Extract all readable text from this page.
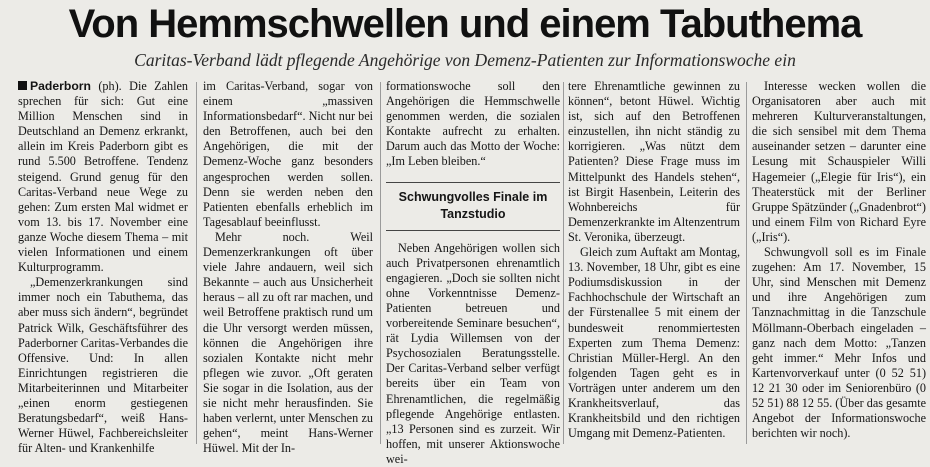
Von Hemmschwellen und einem Tabuthema
Caritas-Verband lädt pflegende Angehörige von Demenz-Patienten zur Informationswoche ein

Paderborn (ph). Die Zahlen sprechen für sich: Gut eine Million Menschen sind in Deutschland an Demenz erkrankt, allein im Kreis Paderborn gibt es rund 5.500 Betroffene. Tendenz steigend. Grund genug für den Caritas-Verband neue Wege zu gehen: Zum ersten Mal widmet er vom 13. bis 17. November eine ganze Woche diesem Thema – mit vielen Informationen und einem Kulturprogramm.

„Demenzerkrankungen sind immer noch ein Tabuthema, das aber muss sich ändern“, begründet Patrick Wilk, Geschäftsführer des Paderborner Caritas-Verbandes die Offensive. Und: In allen Einrichtungen registrieren die Mitarbeiterinnen und Mitarbeiter „einen enorm gestiegenen Beratungsbedarf“, weiß Hans-Werner Hüwel, Fachbereichsleiter für Alten- und Krankenhilfe

im Caritas-Verband, sogar von einem „massiven Informationsbedarf“. Nicht nur bei den Betroffenen, auch bei den Angehörigen, die mit der Demenz-Woche ganz besonders angesprochen werden sollen. Denn sie werden neben den Patienten ebenfalls erheblich im Tagesablauf beeinflusst.

Mehr noch. Weil Demenzerkrankungen oft über viele Jahre andauern, weil sich Bekannte – auch aus Unsicherheit heraus – all zu oft rar machen, und weil Betroffene praktisch rund um die Uhr versorgt werden müssen, können die Angehörigen ihre sozialen Kontakte nicht mehr pflegen wie zuvor. „Oft geraten Sie sogar in die Isolation, aus der sie nicht mehr herausfinden. Sie haben verlernt, unter Menschen zu gehen“, meint Hans-Werner Hüwel. Mit der In-

formationswoche soll den Angehörigen die Hemmschwelle genommen werden, die sozialen Kontakte aufrecht zu erhalten. Darum auch das Motto der Woche: „Im Leben bleiben.“

Schwungvolles Finale im Tanzstudio

Neben Angehörigen wollen sich auch Privatpersonen ehrenamtlich engagieren. „Doch sie sollten nicht ohne Vorkenntnisse Demenz-Patienten betreuen und vorbereitende Seminare besuchen“, rät Lydia Willemsen von der Psychosozialen Beratungsstelle. Der Caritas-Verband selber verfügt bereits über ein Team von Ehrenamtlichen, die regelmäßig pflegende Angehörige entlasten. „13 Personen sind es zurzeit. Wir hoffen, mit unserer Aktionswoche wei-

tere Ehrenamtliche gewinnen zu können“, betont Hüwel. Wichtig ist, sich auf den Betroffenen einzustellen, ihn nicht ständig zu korrigieren. „Was nützt dem Patienten? Diese Frage muss im Mittelpunkt des Handels stehen“, ist Birgit Hasenbein, Leiterin des Wohnbereichs für Demenzerkrankte im Altenzentrum St. Veronika, überzeugt.

Gleich zum Auftakt am Montag, 13. November, 18 Uhr, gibt es eine Podiumsdiskussion in der Fachhochschule der Wirtschaft an der Fürstenallee 5 mit einem der bundesweit renommiertesten Experten zum Thema Demenz: Christian Müller-Hergl. An den folgenden Tagen geht es in Vorträgen unter anderem um den Krankheitsverlauf, das Krankheitsbild und den richtigen Umgang mit Demenz-Patienten.

Interesse wecken wollen die Organisatoren aber auch mit mehreren Kulturveranstaltungen, die sich sensibel mit dem Thema auseinander setzen – darunter eine Lesung mit Schauspieler Willi Hagemeier („Elegie für Iris“), ein Theaterstück mit der Berliner Gruppe Spätzünder („Gnadenbrot“) und einem Film von Richard Eyre („Iris“).

Schwungvoll soll es im Finale zugehen: Am 17. November, 15 Uhr, sind Menschen mit Demenz und ihre Angehörigen zum Tanznachmittag in die Tanzschule Möllmann-Oberbach eingeladen – ganz nach dem Motto: „Tanzen geht immer.“ Mehr Infos und Kartenvorverkauf unter (0 52 51) 12 21 30 oder im Seniorenbüro (0 52 51) 88 12 55. (Über das gesamte Angebot der Informationswoche berichten wir noch).
